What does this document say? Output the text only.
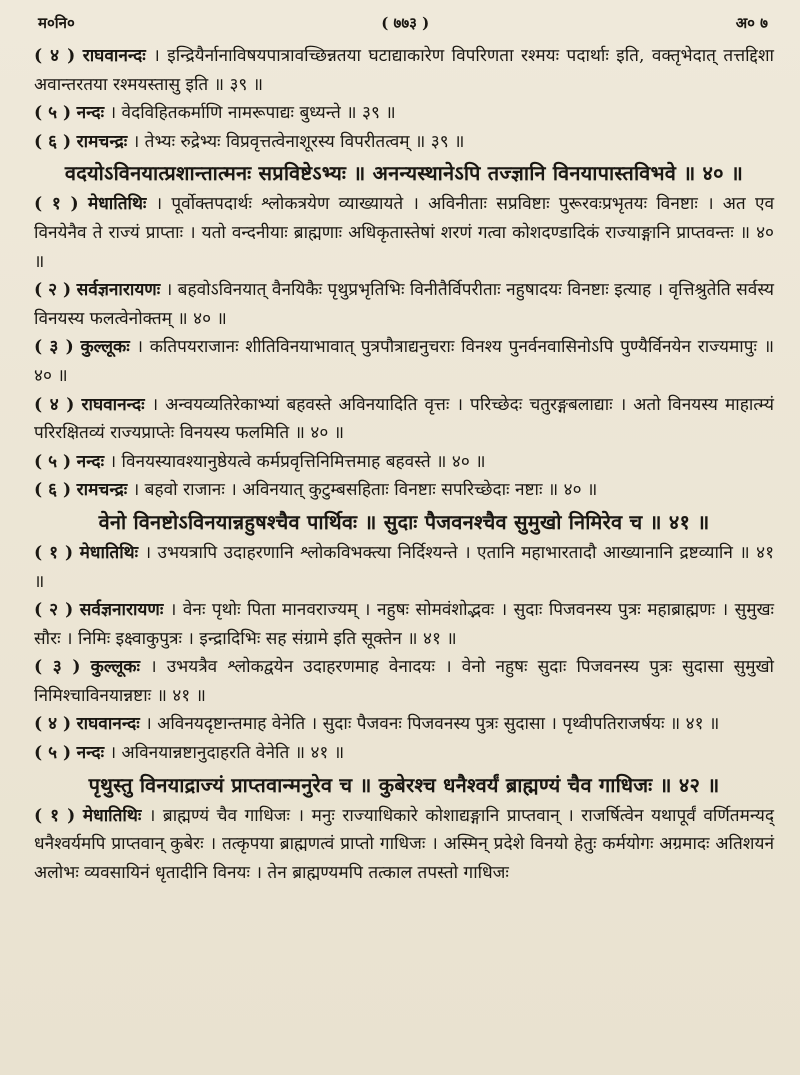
म०नि०	( ७७३ )	अ० ७

( ४ ) राघवानन्दः । इन्द्रियैर्नानाविषयपात्रावच्छिन्नतया घटाद्याकारेण विपरिणता रश्मयः पदार्थाः इति, वक्तृभेदात् तत्तद्दिशा अवान्तरतया रश्मयस्तासु इति ॥ ३९ ॥

( ५ ) नन्दः । वेदविहितकर्माणि नामरूपाद्यः बुध्यन्ते ॥ ३९ ॥

( ६ ) रामचन्द्रः । तेभ्यः रुद्रेभ्यः विप्रवृत्तत्वेनाशूरस्य विपरीतत्वम् ॥ ३९ ॥

वदयोऽविनयात्प्रशान्तात्मनः सप्रविष्टेऽभ्यः ॥ अनन्यस्थानेऽपि तज्ज्ञानि विनयापास्तविभवे ॥ ४० ॥

( १ ) मेधातिथिः । पूर्वोक्तपदार्थः श्लोकत्रयेण व्याख्यायते । अविनीताः सप्रविष्टाः पुरूरवःप्रभृतयः विनष्टाः । अत एव विनयेनैव ते राज्यं प्राप्ताः । यतो वन्दनीयाः ब्राह्मणाः अधिकृतास्तेषां शरणं गत्वा कोशदण्डादिकं राज्याङ्गानि प्राप्तवन्तः ॥ ४० ॥

( २ ) सर्वज्ञनारायणः । बहवोऽविनयात् वैनयिकैः पृथुप्रभृतिभिः विनीतैर्विपरीताः नहुषादयः विनष्टाः इत्याह । वृत्तिश्रुतेति सर्वस्य विनयस्य फलत्वेनोक्तम् ॥ ४० ॥

( ३ ) कुल्लूकः । कतिपयराजानः शीतिविनयाभावात् पुत्रपौत्राद्यनुचराः विनश्य पुनर्वनवासिनोऽपि पुण्यैर्विनयेन राज्यमापुः ॥ ४० ॥

( ४ ) राघवानन्दः । अन्वयव्यतिरेकाभ्यां बहवस्ते अविनयादिति वृत्तः । परिच्छेदः चतुरङ्गबलाद्याः । अतो विनयस्य माहात्म्यं परिरक्षितव्यं राज्यप्राप्तेः विनयस्य फलमिति ॥ ४० ॥

( ५ ) नन्दः । विनयस्यावश्यानुष्ठेयत्वे कर्मप्रवृत्तिनिमित्तमाह बहवस्ते ॥ ४० ॥

( ६ ) रामचन्द्रः । बहवो राजानः । अविनयात् कुटुम्बसहिताः विनष्टाः सपरिच्छेदाः नष्टाः ॥ ४० ॥

वेनो विनष्टोऽविनयान्नहुषश्चैव पार्थिवः ॥ सुदाः पैजवनश्चैव सुमुखो निमिरेव च ॥ ४१ ॥

( १ ) मेधातिथिः । उभयत्रापि उदाहरणानि श्लोकविभक्त्या निर्दिश्यन्ते । एतानि महाभारतादौ आख्यानानि द्रष्टव्यानि ॥ ४१ ॥

( २ ) सर्वज्ञनारायणः । वेनः पृथोः पिता मानवराज्यम् । नहुषः सोमवंशोद्भवः । सुदाः पिजवनस्य पुत्रः महाब्राह्मणः । सुमुखः सौरः । निमिः इक्ष्वाकुपुत्रः । इन्द्रादिभिः सह संग्रामे इति सूक्तेन ॥ ४१ ॥

( ३ ) कुल्लूकः । उभयत्रैव श्लोकद्वयेन उदाहरणमाह वेनादयः । वेनो नहुषः सुदाः पिजवनस्य पुत्रः सुदासा सुमुखो निमिश्चाविनयान्नष्टाः ॥ ४१ ॥

( ४ ) राघवानन्दः । अविनयदृष्टान्तमाह वेनेति । सुदाः पैजवनः पिजवनस्य पुत्रः सुदासा । पृथ्वीपतिराजर्षयः ॥ ४१ ॥

( ५ ) नन्दः । अविनयान्नष्टानुदाहरति वेनेति ॥ ४१ ॥

पृथुस्तु विनयाद्राज्यं प्राप्तवान्मनुरेव च ॥ कुबेरश्च धनैश्वर्यं ब्राह्मण्यं चैव गाधिजः ॥ ४२ ॥

( १ ) मेधातिथिः । ब्राह्मण्यं चैव गाधिजः । मनुः राज्याधिकारे कोशाद्यङ्गानि प्राप्तवान् । राजर्षित्वेन यथापूर्वं वर्णितमन्यद् धनैश्वर्यमपि प्राप्तवान् कुबेरः । तत्कृपया ब्राह्मणत्वं प्राप्तो गाधिजः । अस्मिन् प्रदेशे विनयो हेतुः कर्मयोगः अग्रमादः अतिशयनं अलोभः व्यवसायिनं धृतादीनि विनयः । तेन ब्राह्मण्यमपि तत्काल तपस्तो गाधिजः
